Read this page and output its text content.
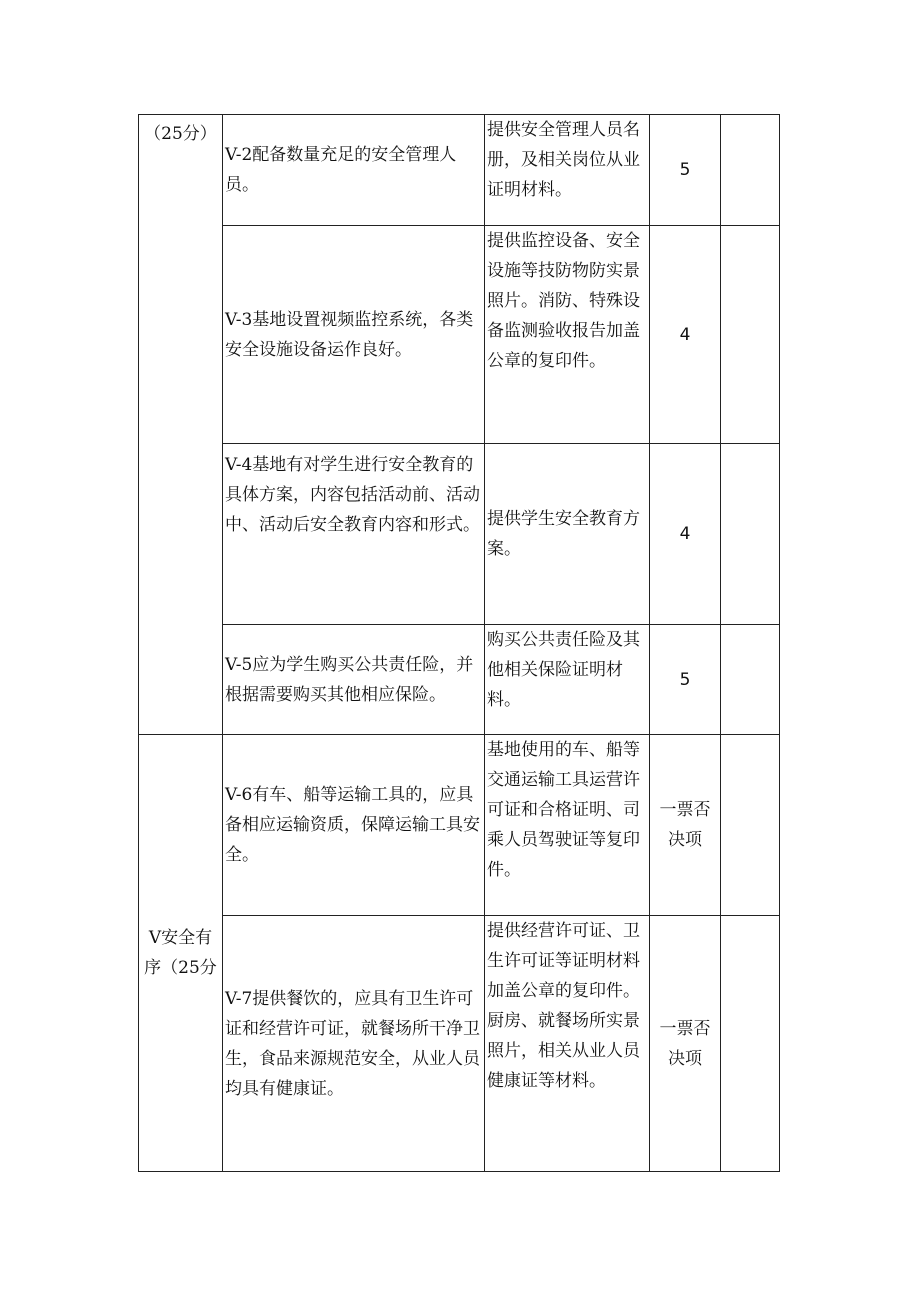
（25分）	V-2配备数量充足的安全管理人员。	提供安全管理人员名册，及相关岗位从业证明材料。	5	
	V-3基地设置视频监控系统，各类安全设施设备运作良好。	提供监控设备、安全设施等技防物防实景照片。消防、特殊设备监测验收报告加盖公章的复印件。	4	
	V-4基地有对学生进行安全教育的具体方案，内容包括活动前、活动中、活动后安全教育内容和形式。	提供学生安全教育方案。	4	
	V-5应为学生购买公共责任险，并根据需要购买其他相应保险。	购买公共责任险及其他相关保险证明材料。	5	
V安全有序（25分	V-6有车、船等运输工具的，应具备相应运输资质，保障运输工具安全。	基地使用的车、船等交通运输工具运营许可证和合格证明、司乘人员驾驶证等复印件。	一票否决项	
	V-7提供餐饮的，应具有卫生许可证和经营许可证，就餐场所干净卫生，食品来源规范安全，从业人员均具有健康证。	提供经营许可证、卫生许可证等证明材料加盖公章的复印件。厨房、就餐场所实景照片，相关从业人员健康证等材料。	一票否决项	
